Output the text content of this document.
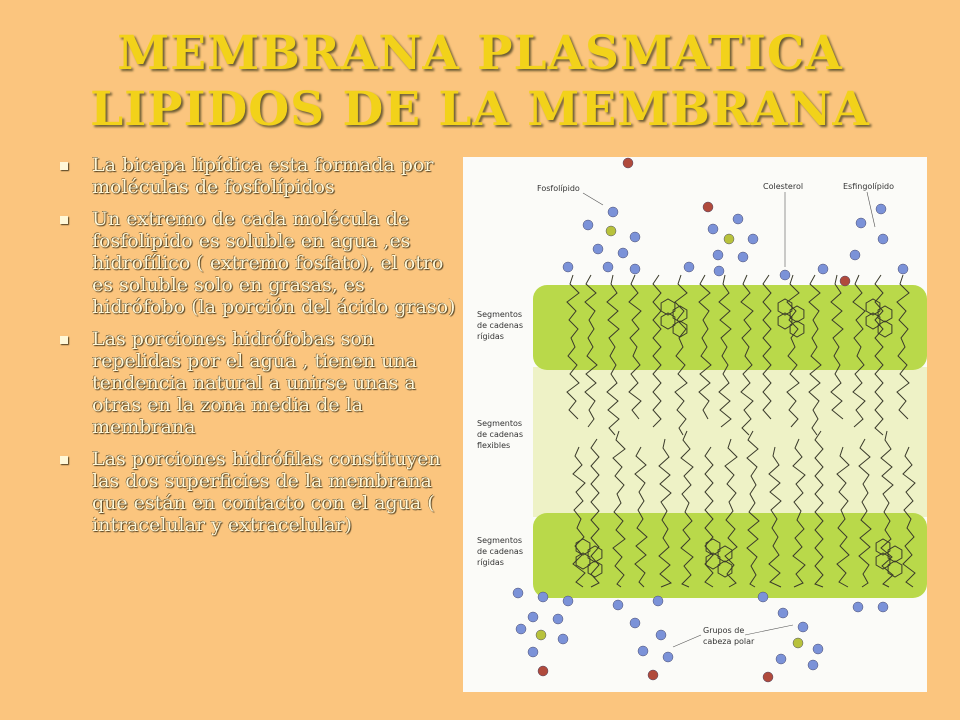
MEMBRANA PLASMATICA
LIPIDOS DE LA MEMBRANA
La bicapa lipídica esta formada por moléculas de fosfolípidos
Un extremo de cada molécula de fosfolipido es soluble en agua ,es hidrofílico ( extremo fosfato), el otro es soluble solo en grasas, es hidrófobo (la porción del ácido graso)
Las porciones hidrófobas son repelidas por el agua , tienen una tendencia natural a unirse unas a otras en la zona media de la membrana
Las porciones hidrófilas constituyen las dos superficies de la membrana que están en contacto con el agua ( intracelular y extracelular)
Fosfolípido	Colesterol	Esfingolípido
Segmentos
de cadenas
rígidas
Segmentos
de cadenas
flexibles
Segmentos
de cadenas
rígidas
Grupos de
cabeza polar
